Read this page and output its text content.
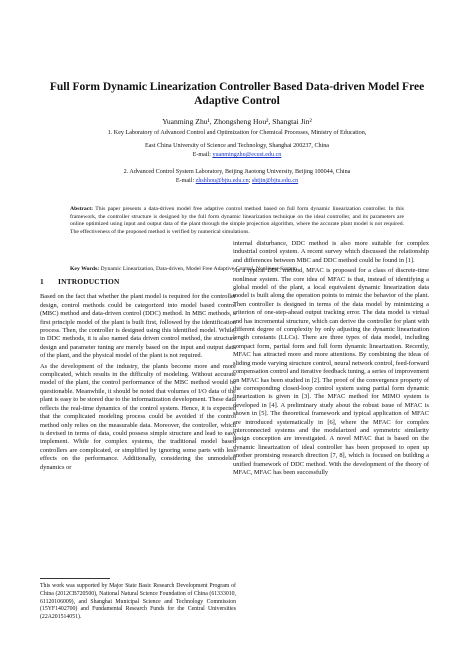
Full Form Dynamic Linearization Controller Based Data-driven Model Free
Adaptive Control
Yuanming Zhu¹, Zhongsheng Hou², Shangtai Jin²
1. Key Laboratory of Advanced Control and Optimization for Chemical Processes, Ministry of Education,
East China University of Science and Technology, Shanghai 200237, China
E-mail: yuanmingzhu@ecust.edu.cn
2. Advanced Control System Laboratory, Beijing Jiaotong University, Beijing 100044, China
E-mail: zhshhou@bjtu.edu.cn; shtjin@bjtu.edu.cn
Abstract: This paper presents a data-driven model free adaptive control method based on full form dynamic linearization controller. In this framework, the controller structure is designed by the full form dynamic linearization technique on the ideal controller, and its parameters are online optimized using input and output data of the plant through the simple projection algorithm, where the accurate plant model is not required. The effectiveness of the proposed method is verified by numerical simulations.
Key Words: Dynamic Linearization, Data-driven, Model Free Adaptive Control, Nonlinear System
1 INTRODUCTION

Based on the fact that whether the plant model is required for the controller design, control methods could be categorized into model based control (MBC) method and data-driven control (DDC) method. In MBC methods, a first principle model of the plant is built first, followed by the identification process. Then, the controller is designed using this identified model. While, in DDC methods, it is also named data driven control method, the structure design and parameter tuning are merely based on the input and output data of the plant, and the physical model of the plant is not required.

As the development of the industry, the plants become more and more complicated, which results in the difficulty of modeling. Without accurate model of the plant, the control performance of the MBC method would be questionable. Meanwhile, it should be noted that volumes of I/O data of the plant is easy to be stored due to the informatization development. These data reflects the real-time dynamics of the control system. Hence, it is expected that the complicated modeling process could be avoided if the control method only relies on the measurable data. Moreover, the controller, which is devised in terms of data, could possess simple structure and lead to easy implement. While for complex systems, the traditional model based controllers are complicated, or simplified by ignoring some parts with less effects on the performance. Additionally, considering the unmodeled dynamics or

internal disturbance, DDC method is also more suitable for complex industrial control system. A recent survey which discussed the relationship and differences between MBC and DDC method could be found in [1].

As a typical DDC method, MFAC is proposed for a class of discrete-time nonlinear system. The core idea of MFAC is that, instead of identifying a global model of the plant, a local equivalent dynamic linearization data model is built along the operation points to mimic the behavior of the plant. Then controller is designed in terms of the data model by minimizing a criterion of one-step-ahead output tracking error. The data model is virtual and has incremental structure, which can derive the controller for plant with different degree of complexity by only adjusting the dynamic linearization length constants (LLCs). There are three types of data model, including compact form, partial form and full form dynamic linearization. Recently, MFAC has attracted more and more attentions. By combining the ideas of sliding mode varying structure control, neural network control, feed-forward compensation control and iterative feedback tuning, a series of improvement on MFAC has been studied in [2]. The proof of the convergence property of the corresponding closed-loop control system using partial form dynamic linearization is given in [3]. The MFAC method for MIMO system is developed in [4]. A preliminary study about the robust issue of MFAC is shown in [5]. The theoretical framework and typical application of MFAC are introduced systematically in [6], where the MFAC for complex interconnected systems and the modularized and symmetric similarity design conception are investigated. A novel MFAC that is based on the dynamic linearization of ideal controller has been proposed to open up another promising research direction [7, 8], which is focused on building a unified framework of DDC method. With the development of the theory of MFAC, MFAC has been successfully

This work was supported by Major State Basic Research Development Program of China (2012CB720500), National Natural Science Foundation of China (61333010, 61120106009), and Shanghai Municipal Science and Technology Commission (15YF1402700) and Fundamental Research Funds for the Central Universities (22A201514051).
